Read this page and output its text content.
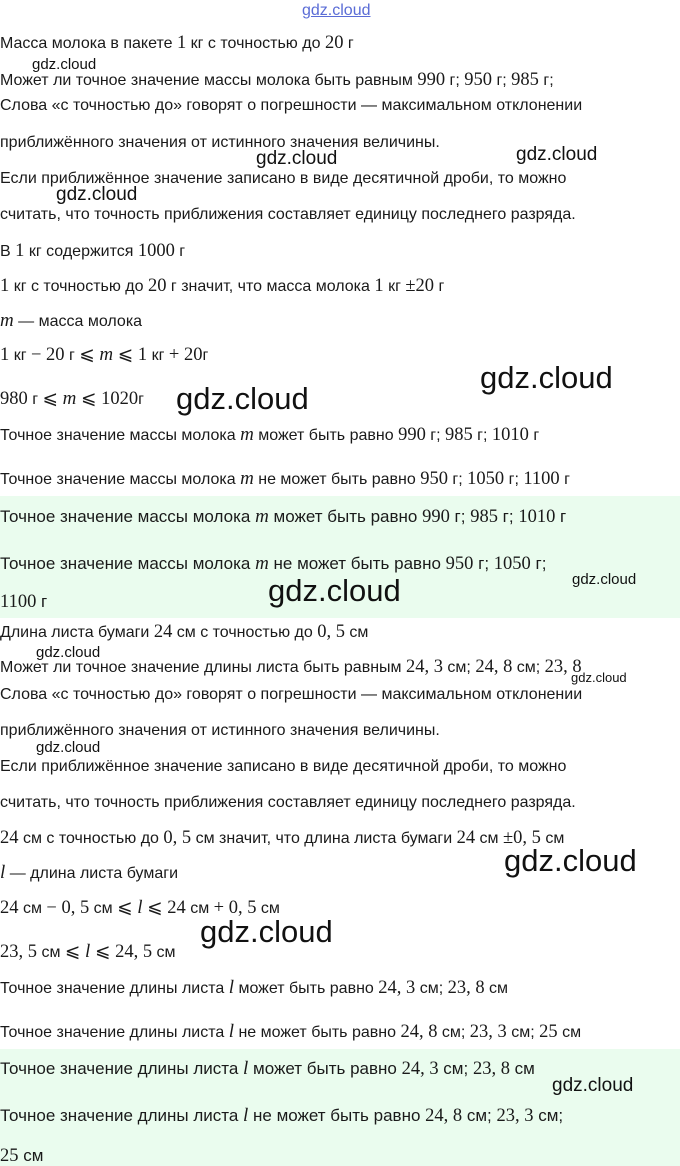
gdz.cloud
Масса молока в пакете 1 кг с точностью до 20 г
Может ли точное значение массы молока быть равным 990 г; 950 г; 985 г;
Слова «с точностью до» говорят о погрешности — максимальном отклонении
приближённого значения от истинного значения величины.
Если приближённое значение записано в виде десятичной дроби, то можно
считать, что точность приближения составляет единицу последнего разряда.
В 1 кг содержится 1000 г
1 кг с точностью до 20 г значит, что масса молока 1 кг ±20 г
m — масса молока
1 кг − 20 г ⩽ m ⩽ 1 кг + 20г
980 г ⩽ m ⩽ 1020г
Точное значение массы молока m может быть равно 990 г; 985 г; 1010 г
Точное значение массы молока m не может быть равно 950 г; 1050 г; 1100 г
Точное значение массы молока m может быть равно 990 г; 985 г; 1010 г
Точное значение массы молока m не может быть равно 950 г; 1050 г;
1100 г
Длина листа бумаги 24 см с точностью до 0, 5 см
Может ли точное значение длины листа быть равным 24, 3 см; 24, 8 см; 23, 8
Слова «с точностью до» говорят о погрешности — максимальном отклонении
приближённого значения от истинного значения величины.
Если приближённое значение записано в виде десятичной дроби, то можно
считать, что точность приближения составляет единицу последнего разряда.
24 см с точностью до 0, 5 см значит, что длина листа бумаги 24 см ±0, 5 см
l — длина листа бумаги
24 см − 0, 5 см ⩽ l ⩽ 24 см + 0, 5 см
23, 5 см ⩽ l ⩽ 24, 5 см
Точное значение длины листа l может быть равно 24, 3 см; 23, 8 см
Точное значение длины листа l не может быть равно 24, 8 см; 23, 3 см; 25 см
Точное значение длины листа l может быть равно 24, 3 см; 23, 8 см
Точное значение длины листа l не может быть равно 24, 8 см; 23, 3 см;
25 см
gdz.cloud
gdz.cloud	gdz.cloud
gdz.cloud
gdz.cloud
gdz.cloud
gdz.cloud
gdz.cloud
gdz.cloud
gdz.cloud
gdz.cloud
gdz.cloud
gdz.cloud
gdz.cloud
